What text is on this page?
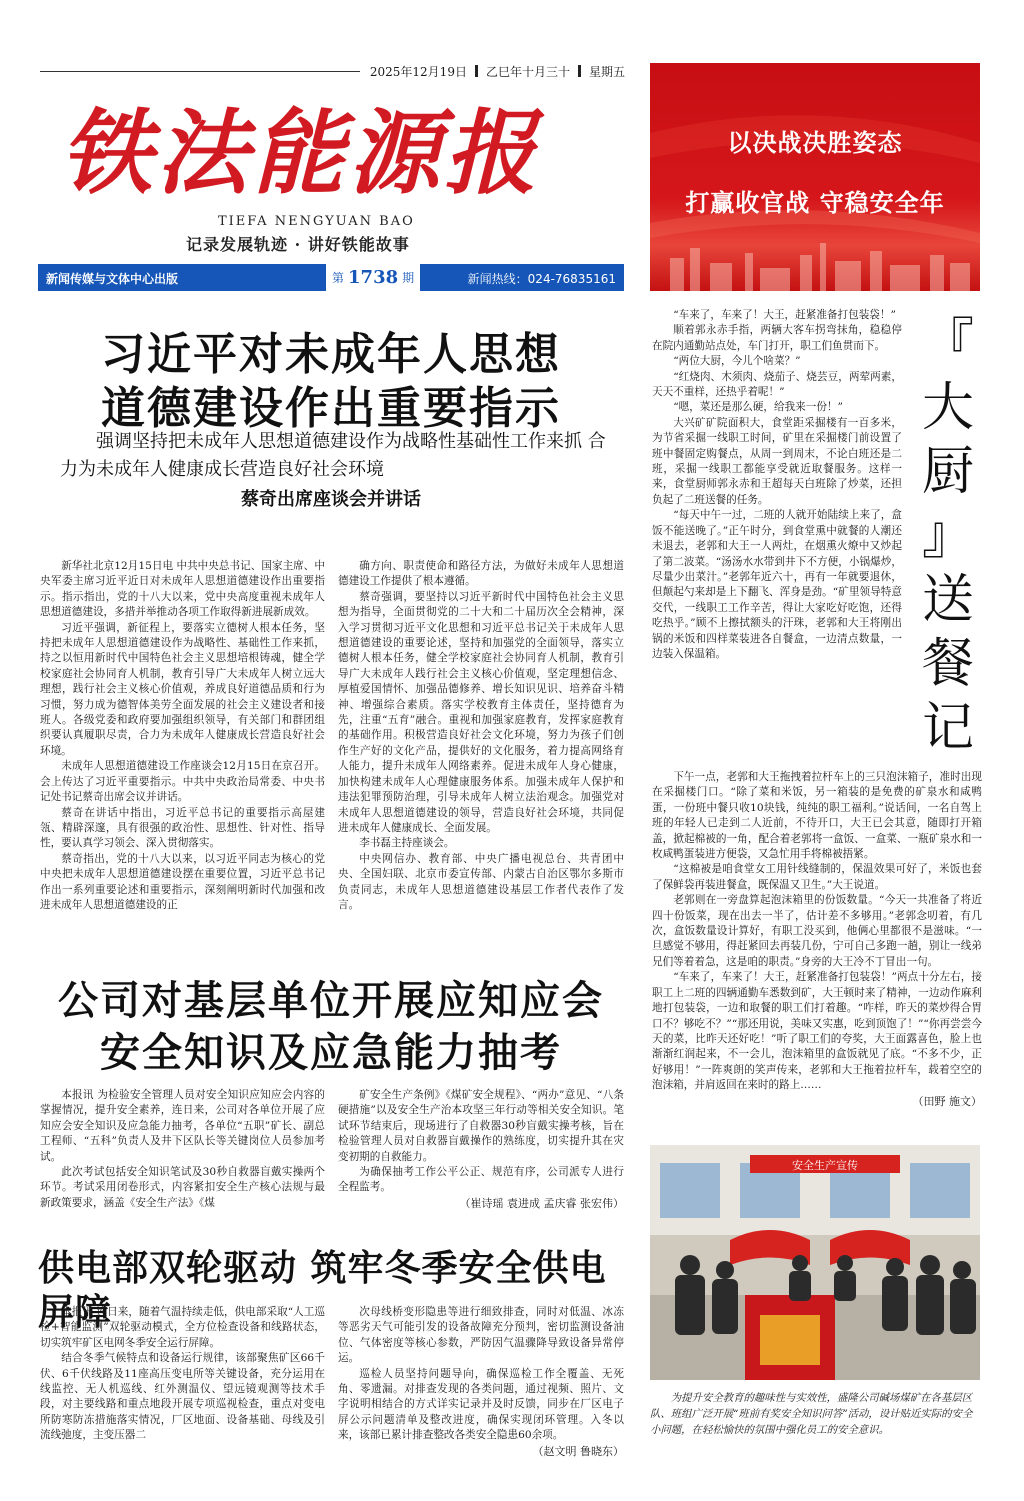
2025年12月19日 乙巳年十月三十 星期五
铁法能源报
TIEFA NENGYUAN BAO
记录发展轨迹 · 讲好铁能故事
新闻传媒与文体中心出版	第 1738 期	新闻热线：024-76835161
以决战决胜姿态
打赢收官战 守稳安全年
习近平对未成年人思想
道德建设作出重要指示
强调坚持把未成年人思想道德建设作为战略性基础性工作来抓 合力为未成年人健康成长营造良好社会环境
蔡奇出席座谈会并讲话

新华社北京12月15日电 中共中央总书记、国家主席、中央军委主席习近平近日对未成年人思想道德建设作出重要指示。指示指出，党的十八大以来，党中央高度重视未成年人思想道德建设，多措并举推动各项工作取得新进展新成效。

习近平强调，新征程上，要落实立德树人根本任务，坚持把未成年人思想道德建设作为战略性、基础性工作来抓，持之以恒用新时代中国特色社会主义思想培根铸魂，健全学校家庭社会协同育人机制，教育引导广大未成年人树立远大理想，践行社会主义核心价值观，养成良好道德品质和行为习惯，努力成为德智体美劳全面发展的社会主义建设者和接班人。各级党委和政府要加强组织领导，有关部门和群团组织要认真履职尽责，合力为未成年人健康成长营造良好社会环境。

未成年人思想道德建设工作座谈会12月15日在京召开。会上传达了习近平重要指示。中共中央政治局常委、中央书记处书记蔡奇出席会议并讲话。

蔡奇在讲话中指出，习近平总书记的重要指示高屋建瓴、精辟深邃，具有很强的政治性、思想性、针对性、指导性，要认真学习领会、深入贯彻落实。

蔡奇指出，党的十八大以来，以习近平同志为核心的党中央把未成年人思想道德建设摆在重要位置，习近平总书记作出一系列重要论述和重要指示，深刻阐明新时代加强和改进未成年人思想道德建设的正

确方向、职责使命和路径方法，为做好未成年人思想道德建设工作提供了根本遵循。

蔡奇强调，要坚持以习近平新时代中国特色社会主义思想为指导，全面贯彻党的二十大和二十届历次全会精神，深入学习贯彻习近平文化思想和习近平总书记关于未成年人思想道德建设的重要论述，坚持和加强党的全面领导，落实立德树人根本任务，健全学校家庭社会协同育人机制，教育引导广大未成年人践行社会主义核心价值观，坚定理想信念、厚植爱国情怀、加强品德修养、增长知识见识、培养奋斗精神、增强综合素质。落实学校教育主体责任，坚持德育为先，注重“五育”融合。重视和加强家庭教育，发挥家庭教育的基础作用。积极营造良好社会文化环境，努力为孩子们创作生产好的文化产品，提供好的文化服务，着力提高网络育人能力，提升未成年人网络素养。促进未成年人身心健康，加快构建未成年人心理健康服务体系。加强未成年人保护和违法犯罪预防治理，引导未成年人树立法治观念。加强党对未成年人思想道德建设的领导，营造良好社会环境，共同促进未成年人健康成长、全面发展。

李书磊主持座谈会。

中央网信办、教育部、中央广播电视总台、共青团中央、全国妇联、北京市委宣传部、内蒙古自治区鄂尔多斯市负责同志，未成年人思想道德建设基层工作者代表作了发言。

公司对基层单位开展应知应会
安全知识及应急能力抽考

本报讯 为检验安全管理人员对安全知识应知应会内容的掌握情况，提升安全素养，连日来，公司对各单位开展了应知应会安全知识及应急能力抽考，各单位“五职”矿长、副总工程师、“五科”负责人及井下区队长等关键岗位人员参加考试。

此次考试包括安全知识笔试及30秒自救器盲戴实操两个环节。考试采用闭卷形式，内容紧扣安全生产核心法规与最新政策要求，涵盖《安全生产法》《煤

矿安全生产条例》《煤矿安全规程》、“两办”意见、“八条硬措施”以及安全生产治本攻坚三年行动等相关安全知识。笔试环节结束后，现场进行了自救器30秒盲戴实操考核，旨在检验管理人员对自救器盲戴操作的熟练度，切实提升其在灾变初期的自救能力。

为确保抽考工作公平公正、规范有序，公司派专人进行全程监考。

（崔诗瑶 袁进成 孟庆睿 张宏伟）
供电部双轮驱动 筑牢冬季安全供电屏障

本报讯 连日来，随着气温持续走低，供电部采取“人工巡检+智能监测”双轮驱动模式，全方位检查设备和线路状态，切实筑牢矿区电网冬季安全运行屏障。

结合冬季气候特点和设备运行规律，该部聚焦矿区66千伏、6千伏线路及11座高压变电所等关键设备，充分运用在线监控、无人机巡线、红外测温仪、望远镜观测等技术手段，对主要线路和重点地段开展专项巡视检查，重点对变电所防寒防冻措施落实情况，厂区地面、设备基础、母线及引流线弛度，主变压器二

次母线桥变形隐患等进行细致排查，同时对低温、冰冻等恶劣天气可能引发的设备故障充分预判，密切监测设备油位、气体密度等核心参数，严防因气温骤降导致设备异常停运。

巡检人员坚持问题导向，确保巡检工作全覆盖、无死角、零遗漏。对排查发现的各类问题，通过视频、照片、文字说明相结合的方式详实记录并及时反馈，同步在厂区电子屏公示问题清单及整改进度，确保实现闭环管理。入冬以来，该部已累计排查整改各类安全隐患60余项。

（赵文明 鲁晓东）
『
大
厨
』
送
餐
记

“车来了，车来了！大王，赶紧准备打包装袋！”

顺着郭永赤手指，两辆大客车拐弯抹角，稳稳停在院内通勤站点处，车门打开，职工们鱼贯而下。

“两位大厨，今儿个啥菜？”

“红烧肉、木须肉、烧茄子、烧芸豆，两荤两素，天天不重样，还热乎着呢！”

“嗯，菜还是那么硬，给我来一份！”

大兴矿矿院面积大，食堂距采掘楼有一百多米，为节省采掘一线职工时间，矿里在采掘楼门前设置了班中餐固定购餐点，从周一到周末，不论白班还是二班，采掘一线职工都能享受就近取餐服务。这样一来，食堂厨师郭永赤和王超每天白班除了炒菜，还担负起了二班送餐的任务。

“每天中午一过，二班的人就开始陆续上来了，盒饭不能送晚了。”正午时分，到食堂熏中就餐的人潮还未退去，老郭和大王一人两灶，在烟熏火燎中又炒起了第二波菜。“汤汤水水带到井下不方便，小锅爆炒，尽量少出菜汁。”老郭年近六十，再有一年就要退休，但颠起勺来却是上下翻飞、浑身是劲。“矿里领导特意交代，一线职工工作辛苦，得让大家吃好吃饱，还得吃热乎。”顾不上擦拭额头的汗珠，老郭和大王将刚出锅的米饭和四样菜装进各自餐盒，一边清点数量，一边装入保温箱。

下午一点，老郭和大王拖拽着拉杆车上的三只泡沫箱子，准时出现在采掘楼门口。“除了菜和米饭，另一箱装的是免费的矿泉水和咸鸭蛋，一份班中餐只收10块钱，纯纯的职工福利。”说话间，一名自驾上班的年轻人已走到二人近前，不待开口，大王已会其意，随即打开箱盖，掀起棉被的一角，配合着老郭将一盒饭、一盒菜、一瓶矿泉水和一枚咸鸭蛋装进方便袋，又急忙用手将棉被捂紧。

“这棉被是咱食堂女工用针线缝制的，保温效果可好了，米饭也套了保鲜袋再装进餐盒，既保温又卫生。”大王说道。

老郭则在一旁盘算起泡沫箱里的份饭数量。“今天一共准备了将近四十份饭菜，现在出去一半了，估计差不多够用。”老郭念叨着，有几次，盒饭数量设计算好，有职工没买到，他俩心里都很不是滋味。“一旦感觉不够用，得赶紧回去再装几份，宁可自己多跑一趟，别让一线弟兄们等着着急，这是咱的职责。”身旁的大王冷不丁冒出一句。

“车来了，车来了！大王，赶紧准备打包装袋！”两点十分左右，接职工上二班的四辆通勤车悉数到矿，大王顿时来了精神，一边动作麻利地打包装袋，一边和取餐的职工们打着趣。“咋样，昨天的菜炒得合胃口不？够吃不？”“那还用说，美味又实惠，吃到顶饱了！”“你再尝尝今天的菜，比昨天还好吃！”听了职工们的夸奖，大王面露喜色，脸上也渐渐红润起来，不一会儿，泡沫箱里的盒饭就见了底。“不多不少，正好够用！”一阵爽朗的笑声传来，老郭和大王拖着拉杆车，载着空空的泡沫箱，并肩返回在来时的路上……

（田野 施文）
安全生产宣传
为提升安全教育的趣味性与实效性，盛隆公司碱场煤矿在各基层区队、班组广泛开展“班前有奖安全知识问答”活动，设计贴近实际的安全小问题，在轻松愉快的氛围中强化员工的安全意识。
